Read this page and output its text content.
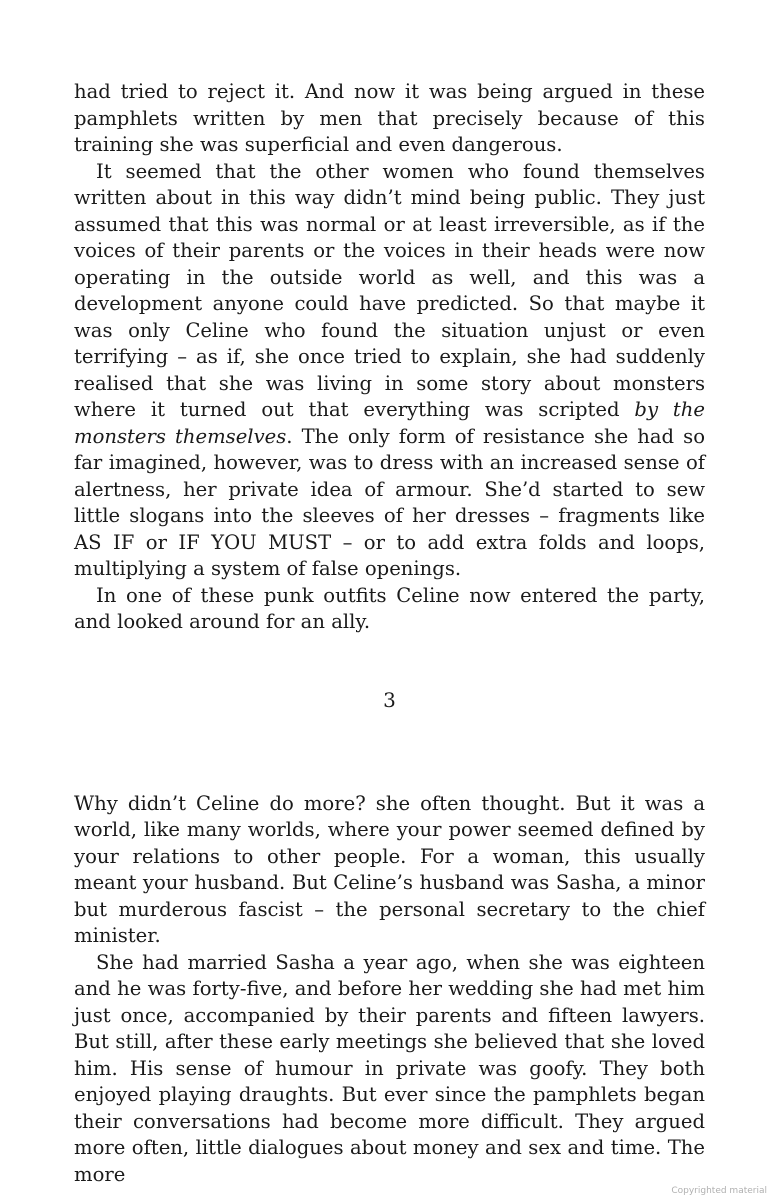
had tried to reject it. And now it was being argued in these pamphlets written by men that precisely because of this training she was superficial and even dangerous.

It seemed that the other women who found themselves written about in this way didn’t mind being public. They just assumed that this was normal or at least irreversible, as if the voices of their parents or the voices in their heads were now operating in the outside world as well, and this was a development anyone could have predicted. So that maybe it was only Celine who found the situation unjust or even terrifying – as if, she once tried to explain, she had suddenly realised that she was living in some story about monsters where it turned out that everything was scripted by the monsters themselves. The only form of resistance she had so far imagined, however, was to dress with an increased sense of alertness, her private idea of armour. She’d started to sew little slogans into the sleeves of her dresses – fragments like AS IF or IF YOU MUST – or to add extra folds and loops, multiplying a system of false openings.

In one of these punk outfits Celine now entered the party, and looked around for an ally.

3

Why didn’t Celine do more? she often thought. But it was a world, like many worlds, where your power seemed defined by your relations to other people. For a woman, this usually meant your husband. But Celine’s husband was Sasha, a minor but murderous fascist – the personal secretary to the chief minister.

She had married Sasha a year ago, when she was eighteen and he was forty-five, and before her wedding she had met him just once, accompanied by their parents and fifteen lawyers. But still, after these early meetings she believed that she loved him. His sense of humour in private was goofy. They both enjoyed playing draughts. But ever since the pamphlets began their conversations had become more difficult. They argued more often, little dialogues about money and sex and time. The more

Copyrighted material
